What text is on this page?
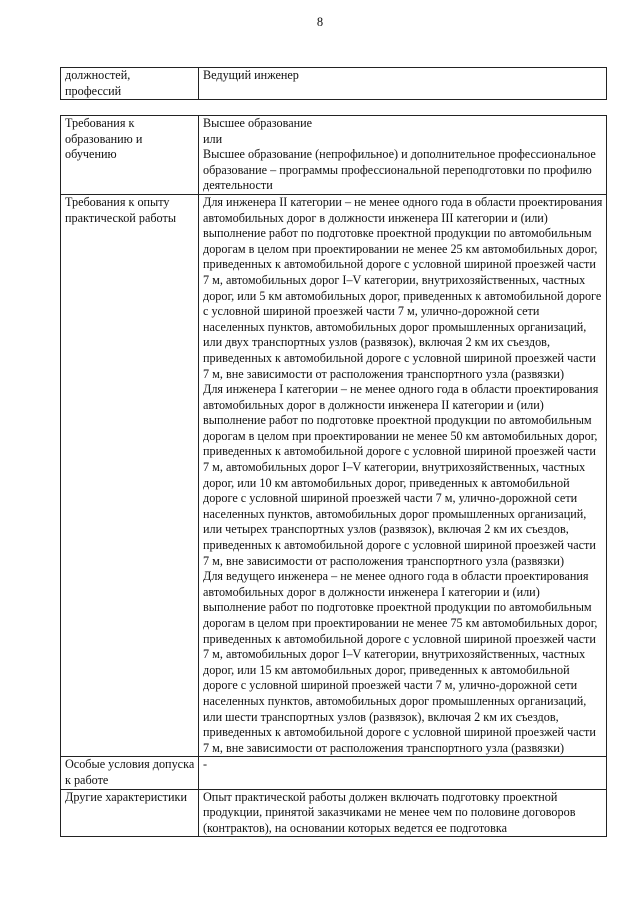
8
должностей,
профессий	Ведущий инженер
Требования к образованию и обучению	Высшее образование
или
Высшее образование (непрофильное) и дополнительное профессиональное образование – программы профессиональной переподготовки по профилю деятельности

Требования к опыту практической работы	Для инженера II категории – не менее одного года в области проектирования автомобильных дорог в должности инженера III категории и (или) выполнение работ по подготовке проектной продукции по автомобильным дорогам в целом при проектировании не менее 25 км автомобильных дорог, приведенных к автомобильной дороге с условной шириной проезжей части 7 м, автомобильных дорог I–V категории, внутрихозяйственных, частных дорог, или 5 км автомобильных дорог, приведенных к автомобильной дороге с условной шириной проезжей части 7 м, улично-дорожной сети населенных пунктов, автомобильных дорог промышленных организаций, или двух транспортных узлов (развязок), включая 2 км их съездов, приведенных к автомобильной дороге с условной шириной проезжей части 7 м, вне зависимости от расположения транспортного узла (развязки)
Для инженера I категории – не менее одного года в области проектирования автомобильных дорог в должности инженера II категории и (или) выполнение работ по подготовке проектной продукции по автомобильным дорогам в целом при проектировании не менее 50 км автомобильных дорог, приведенных к автомобильной дороге с условной шириной проезжей части 7 м, автомобильных дорог I–V категории, внутрихозяйственных, частных дорог, или 10 км автомобильных дорог, приведенных к автомобильной дороге с условной шириной проезжей части 7 м, улично-дорожной сети населенных пунктов, автомобильных дорог промышленных организаций, или четырех транспортных узлов (развязок), включая 2 км их съездов, приведенных к автомобильной дороге с условной шириной проезжей части 7 м, вне зависимости от расположения транспортного узла (развязки)
Для ведущего инженера – не менее одного года в области проектирования автомобильных дорог в должности инженера I категории и (или) выполнение работ по подготовке проектной продукции по автомобильным дорогам в целом при проектировании не менее 75 км автомобильных дорог, приведенных к автомобильной дороге с условной шириной проезжей части 7 м, автомобильных дорог I–V категории, внутрихозяйственных, частных дорог, или 15 км автомобильных дорог, приведенных к автомобильной дороге с условной шириной проезжей части 7 м, улично-дорожной сети населенных пунктов, автомобильных дорог промышленных организаций, или шести транспортных узлов (развязок), включая 2 км их съездов, приведенных к автомобильной дороге с условной шириной проезжей части 7 м, вне зависимости от расположения транспортного узла (развязки)

Особые условия допуска к работе	-
Другие характеристики	Опыт практической работы должен включать подготовку проектной продукции, принятой заказчиками не менее чем по половине договоров (контрактов), на основании которых ведется ее подготовка
